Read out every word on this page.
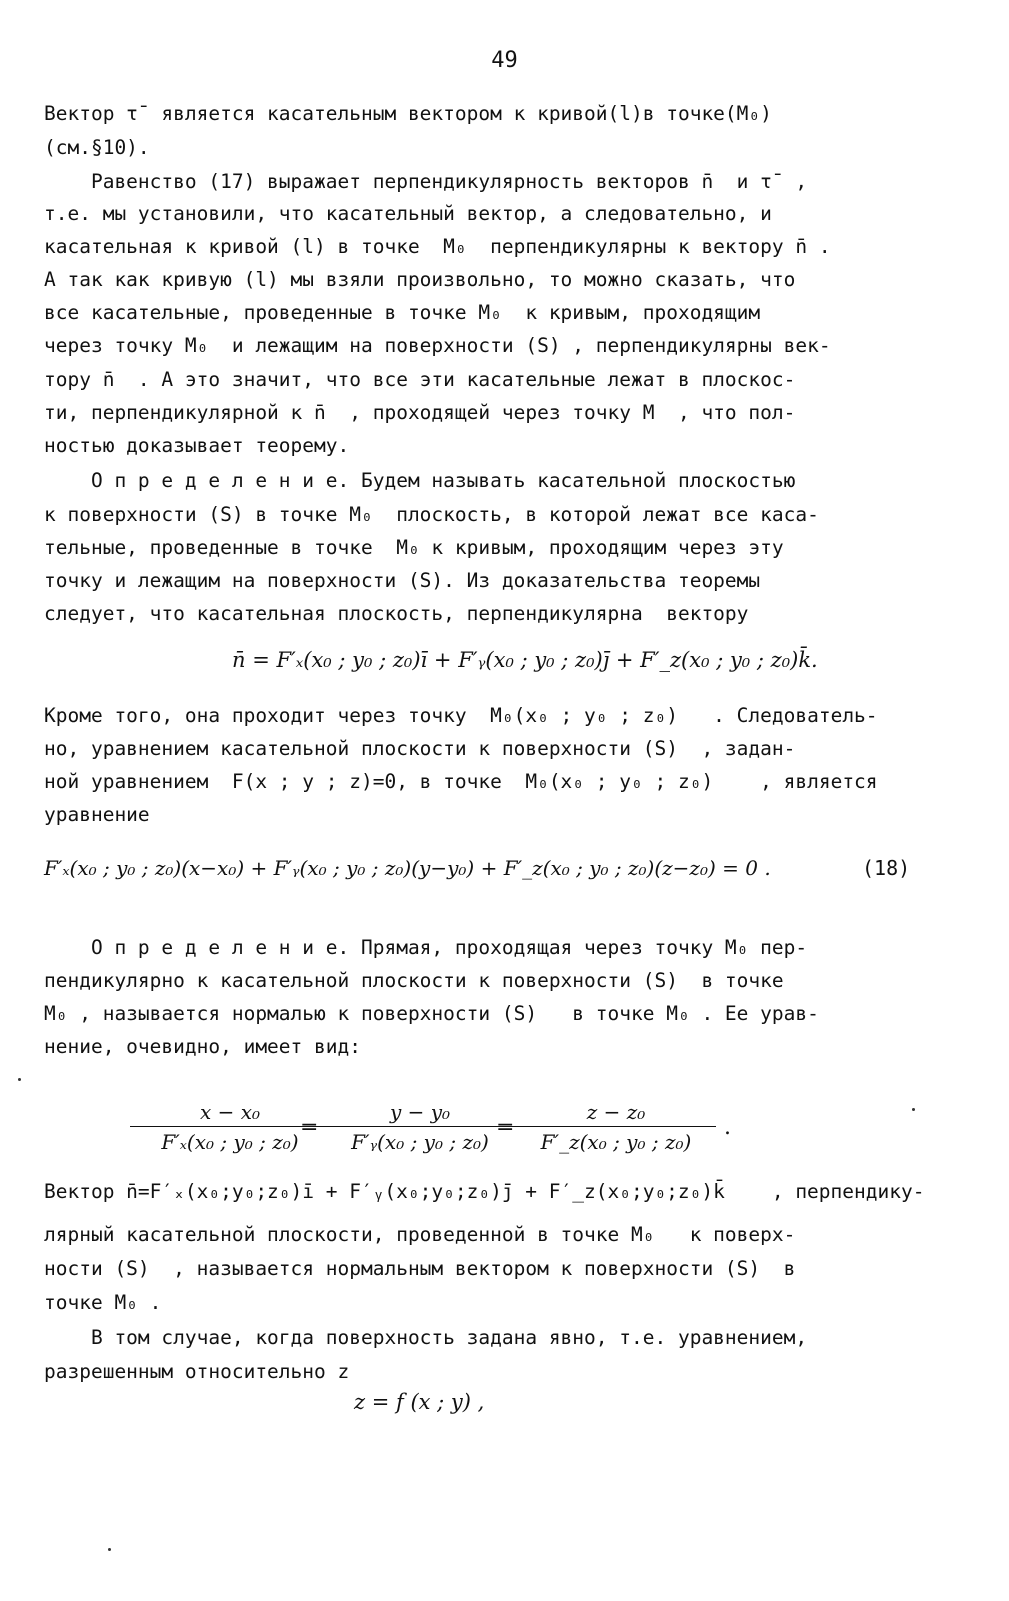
49
Вектор τ̄  является касательным вектором к кривой(l)в точке(M₀)
(см.§10).
Равенство (17) выражает перпендикулярность векторов n̄  и τ̄  ,
т.е. мы установили, что касательный вектор, а следовательно, и
касательная к кривой (l) в точке  M₀  перпендикулярны к вектору n̄ .
А так как кривую (l) мы взяли произвольно, то можно сказать, что
все касательные, проведенные в точке M₀  к кривым, проходящим
через точку M₀  и лежащим на поверхности (S) , перпендикулярны век-
тору n̄  . А это значит, что все эти касательные лежат в плоскос-
ти, перпендикулярной к n̄  , проходящей через точку M  , что пол-
ностью доказывает теорему.
О п р е д е л е н и е. Будем называть касательной плоскостью
к поверхности (S) в точке M₀  плоскость, в которой лежат все каса-
тельные, проведенные в точке  M₀ к кривым, проходящим через эту
точку и лежащим на поверхности (S). Из доказательства теоремы
следует, что касательная плоскость, перпендикулярна  вектору
n̄ = F′ₓ(x₀ ; y₀ ; z₀)ī + F′ᵧ(x₀ ; y₀ ; z₀)j̄ + F′_z(x₀ ; y₀ ; z₀)k̄.
Кроме того, она проходит через точку  M₀(x₀ ; y₀ ; z₀)   . Следователь-
но, уравнением касательной плоскости к поверхности (S)  , задан-
ной уравнением  F(x ; y ; z)=0, в точке  M₀(x₀ ; y₀ ; z₀)    , является
уравнение
F′ₓ(x₀ ; y₀ ; z₀)(x−x₀) + F′ᵧ(x₀ ; y₀ ; z₀)(y−y₀) + F′_z(x₀ ; y₀ ; z₀)(z−z₀) = 0 .	(18)
О п р е д е л е н и е. Прямая, проходящая через точку M₀ пер-
пендикулярно к касательной плоскости к поверхности (S)  в точке
M₀ , называется нормалью к поверхности (S)   в точке M₀ . Ее урав-
нение, очевидно, имеет вид:
$\frac{\text{x − x₀}}{\text{F′ₓ(x₀ ; y₀ ; z₀)}}$
= $\frac{\text{y − y₀}}{\text{F′ᵧ(x₀ ; y₀ ; z₀)}}$
= $\frac{\text{z − z₀}}{\text{F′\_z(x₀ ; y₀ ; z₀)}}$ .
Вектор n̄=F′ₓ(x₀;y₀;z₀)ī + F′ᵧ(x₀;y₀;z₀)j̄ + F′_z(x₀;y₀;z₀)k̄    , перпендику-
лярный касательной плоскости, проведенной в точке M₀   к поверх-
ности (S)  , называется нормальным вектором к поверхности (S)  в
точке M₀ .
В том случае, когда поверхность задана явно, т.е. уравнением,
разрешенным относительно z
z = f (x ; y) ,
